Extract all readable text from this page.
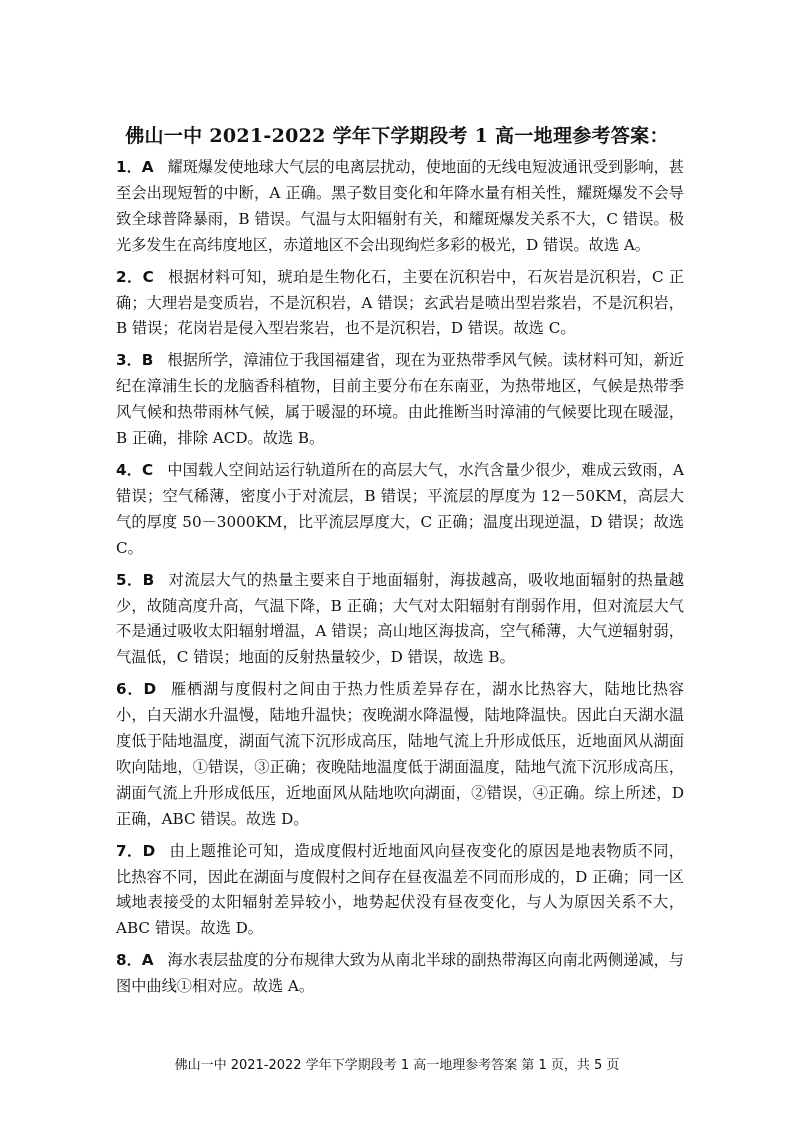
佛山一中 2021-2022 学年下学期段考 1 高一地理参考答案：

1．A 耀斑爆发使地球大气层的电离层扰动，使地面的无线电短波通讯受到影响，甚至会出现短暂的中断，A 正确。黑子数目变化和年降水量有相关性，耀斑爆发不会导致全球普降暴雨，B 错误。气温与太阳辐射有关，和耀斑爆发关系不大，C 错误。极光多发生在高纬度地区，赤道地区不会出现绚烂多彩的极光，D 错误。故选 A。

2．C 根据材料可知，琥珀是生物化石，主要在沉积岩中，石灰岩是沉积岩，C 正确；大理岩是变质岩，不是沉积岩，A 错误；玄武岩是喷出型岩浆岩，不是沉积岩，B 错误；花岗岩是侵入型岩浆岩，也不是沉积岩，D 错误。故选 C。

3．B 根据所学，漳浦位于我国福建省，现在为亚热带季风气候。读材料可知，新近纪在漳浦生长的龙脑香科植物，目前主要分布在东南亚，为热带地区，气候是热带季风气候和热带雨林气候，属于暖湿的环境。由此推断当时漳浦的气候要比现在暖湿，B 正确，排除 ACD。故选 B。

4．C 中国载人空间站运行轨道所在的高层大气，水汽含量少很少，难成云致雨，A 错误；空气稀薄，密度小于对流层，B 错误；平流层的厚度为 12－50KM，高层大气的厚度 50－3000KM，比平流层厚度大，C 正确；温度出现逆温，D 错误；故选 C。

5．B 对流层大气的热量主要来自于地面辐射，海拔越高，吸收地面辐射的热量越少，故随高度升高，气温下降，B 正确；大气对太阳辐射有削弱作用，但对流层大气不是通过吸收太阳辐射增温，A 错误；高山地区海拔高，空气稀薄，大气逆辐射弱，气温低，C 错误；地面的反射热量较少，D 错误，故选 B。

6．D 雁栖湖与度假村之间由于热力性质差异存在，湖水比热容大，陆地比热容小，白天湖水升温慢，陆地升温快；夜晚湖水降温慢，陆地降温快。因此白天湖水温度低于陆地温度，湖面气流下沉形成高压，陆地气流上升形成低压，近地面风从湖面吹向陆地，①错误，③正确；夜晚陆地温度低于湖面温度，陆地气流下沉形成高压，湖面气流上升形成低压，近地面风从陆地吹向湖面，②错误，④正确。综上所述，D 正确，ABC 错误。故选 D。

7．D 由上题推论可知，造成度假村近地面风向昼夜变化的原因是地表物质不同，比热容不同，因此在湖面与度假村之间存在昼夜温差不同而形成的，D 正确；同一区域地表接受的太阳辐射差异较小，地势起伏没有昼夜变化，与人为原因关系不大，ABC 错误。故选 D。

8．A 海水表层盐度的分布规律大致为从南北半球的副热带海区向南北两侧递减，与图中曲线①相对应。故选 A。

佛山一中 2021-2022 学年下学期段考 1 高一地理参考答案 第 1 页，共 5 页
